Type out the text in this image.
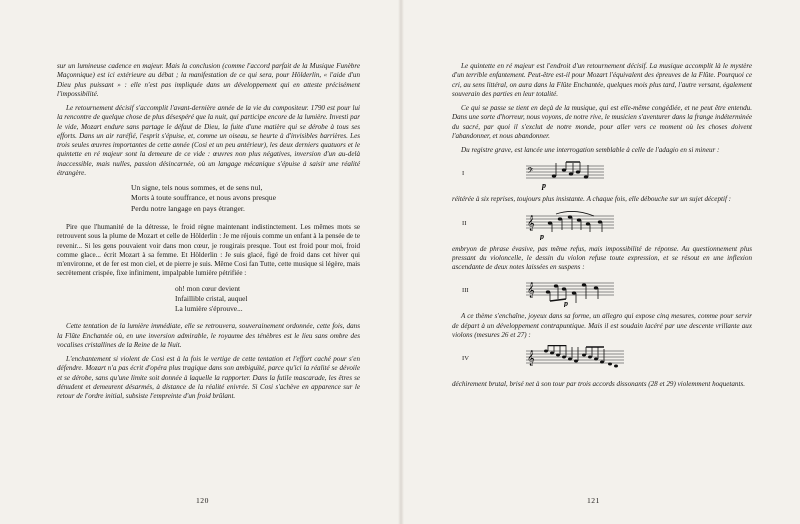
sur un lumineuse cadence en majeur. Mais la conclusion (comme l'accord parfait de la Musique Funèbre Maçonnique) est ici extérieure au débat ; la manifestation de ce qui sera, pour Hölderlin, « l'aide d'un Dieu plus puissant » : elle n'est pas impliquée dans un développement qui en atteste précisément l'impossibilité.

Le retournement décisif s'accomplit l'avant-dernière année de la vie du compositeur. 1790 est pour lui la rencontre de quelque chose de plus désespéré que la nuit, qui participe encore de la lumière. Investi par le vide, Mozart endure sans partage le défaut de Dieu, la fuite d'une matière qui se dérobe à tous ses efforts. Dans un air raréfié, l'esprit s'épuise, et, comme un oiseau, se heurte à d'invisibles barrières. Les trois seules œuvres importantes de cette année (Cosi et un peu antérieur), les deux derniers quatuors et le quintette en ré majeur sont la demeure de ce vide : œuvres non plus négatives, inversion d'un au-delà inaccessible, mais nulles, passion désincarnée, où un langage mécanique s'épuise à saisir une réalité étrangère.

Un signe, tels nous sommes, et de sens nul,
Morts à toute souffrance, et nous avons presque
Perdu notre langage en pays étranger.

Pire que l'humanité de la détresse, le froid règne maintenant indistinctement. Les mêmes mots se retrouvent sous la plume de Mozart et celle de Hölderlin : Je me réjouis comme un enfant à la pensée de te revenir... Si les gens pouvaient voir dans mon cœur, je rougirais presque. Tout est froid pour moi, froid comme glace... écrit Mozart à sa femme. Et Hölderlin : Je suis glacé, figé de froid dans cet hiver qui m'environne, et de fer est mon ciel, et de pierre je suis. Même Cosi fan Tutte, cette musique si légère, mais secrètement crispée, fixe infiniment, impalpable lumière pétrifiée :

oh! mon cœur devient
Infaillible cristal, auquel
La lumière s'éprouve...

Cette tentation de la lumière immédiate, elle se retrouvera, souverainement ordonnée, cette fois, dans la Flûte Enchantée où, en une inversion admirable, le royaume des ténèbres est le lieu sans ombre des vocalises cristallines de la Reine de la Nuit.

L'enchantement si violent de Cosi est à la fois le vertige de cette tentation et l'effort caché pour s'en défendre. Mozart n'a pas écrit d'opéra plus tragique dans son ambiguïté, parce qu'ici la réalité se dévoile et se dérobe, sans qu'une limite soit donnée à laquelle la rapporter. Dans la futile mascarade, les êtres se dénudent et demeurent désarmés, à distance de la réalité enivrée. Si Cosi s'achève en apparence sur le retour de l'ordre initial, subsiste l'empreinte d'un froid brûlant.

120

Le quintette en ré majeur est l'endroit d'un retournement décisif. La musique accomplit là le mystère d'un terrible enfantement. Peut-être est-il pour Mozart l'équivalent des épreuves de la Flûte. Pourquoi ce cri, au sens littéral, on aura dans la Flûte Enchantée, quelques mois plus tard, l'autre versant, également souverain des parties en leur totalité.

Ce qui se passe se tient en deçà de la musique, qui est elle-même congédiée, et ne peut être entendu. Dans une sorte d'horreur, nous voyons, de notre rive, le musicien s'aventurer dans la frange indéterminée du sacré, par quoi il s'exclut de notre monde, pour aller vers ce moment où les choses doivent l'abandonner, et nous abandonner.

Du registre grave, est lancée une interrogation semblable à celle de l'adagio en si mineur :

I	𝄢
p

réitérée à six reprises, toujours plus insistante. A chaque fois, elle débouche sur un sujet déceptif :

II	𝄞
p

embryon de phrase évasive, pas même refus, mais impossibilité de réponse. Au questionnement plus pressant du violoncelle, le dessin du violon refuse toute expression, et se résout en une inflexion ascendante de deux notes laissées en suspens :

III	𝄞
p

A ce thème s'enchaîne, joyeux dans sa forme, un allegro qui expose cinq mesures, comme pour servir de départ à un développement contrapuntique. Mais il est soudain lacéré par une descente vrillante aux violons (mesures 26 et 27) :

IV	𝄞

déchirement brutal, brisé net à son tour par trois accords dissonants (28 et 29) violemment hoquetants.

121
